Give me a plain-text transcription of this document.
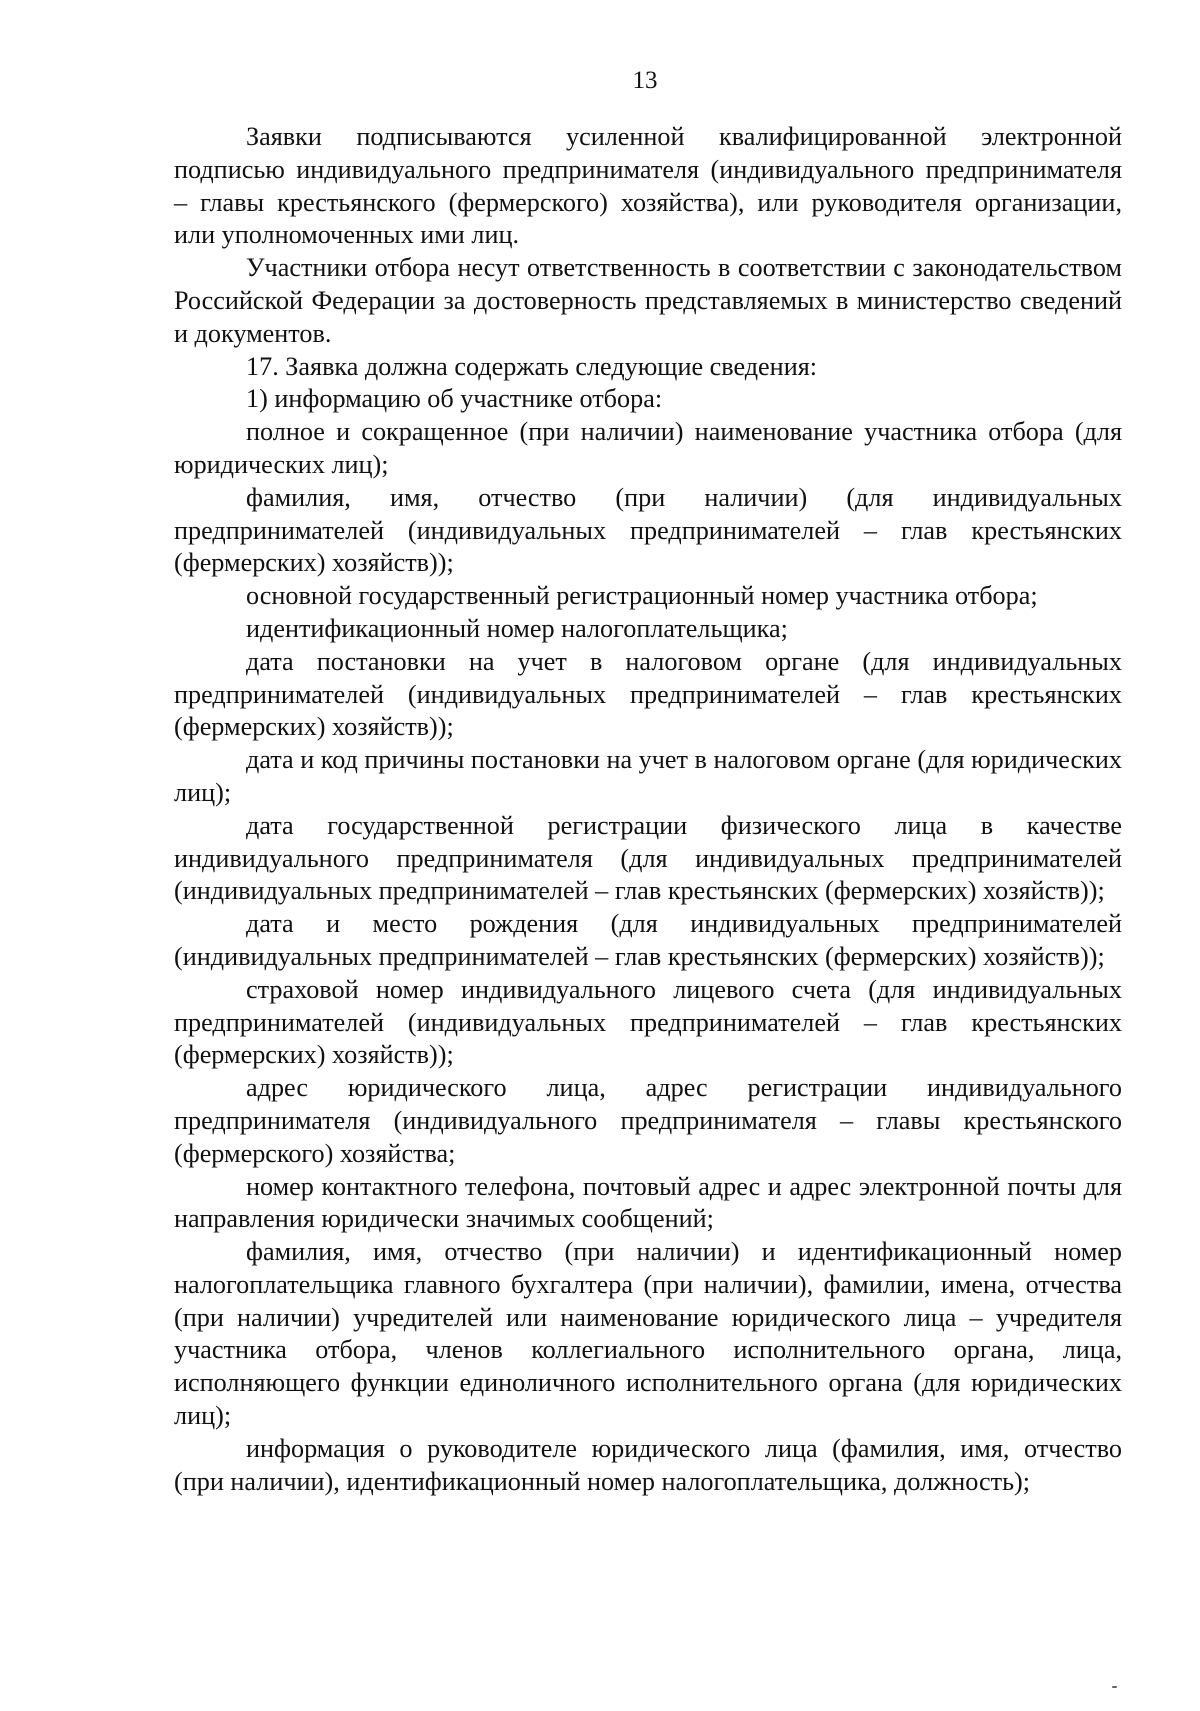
13

Заявки подписываются усиленной квалифицированной электронной подписью индивидуального предпринимателя (индивидуального предпринимателя – главы крестьянского (фермерского) хозяйства), или руководителя организации, или уполномоченных ими лиц.

Участники отбора несут ответственность в соответствии с законодательством Российской Федерации за достоверность представляемых в министерство сведений и документов.

17. Заявка должна содержать следующие сведения:

1) информацию об участнике отбора:

полное и сокращенное (при наличии) наименование участника отбора (для юридических лиц);

фамилия, имя, отчество (при наличии) (для индивидуальных предпринимателей (индивидуальных предпринимателей – глав крестьянских (фермерских) хозяйств));

основной государственный регистрационный номер участника отбора;

идентификационный номер налогоплательщика;

дата постановки на учет в налоговом органе (для индивидуальных предпринимателей (индивидуальных предпринимателей – глав крестьянских (фермерских) хозяйств));

дата и код причины постановки на учет в налоговом органе (для юридических лиц);

дата государственной регистрации физического лица в качестве индивидуального предпринимателя (для индивидуальных предпринимателей (индивидуальных предпринимателей – глав крестьянских (фермерских) хозяйств));

дата и место рождения (для индивидуальных предпринимателей (индивидуальных предпринимателей – глав крестьянских (фермерских) хозяйств));

страховой номер индивидуального лицевого счета (для индивидуальных предпринимателей (индивидуальных предпринимателей – глав крестьянских (фермерских) хозяйств));

адрес юридического лица, адрес регистрации индивидуального предпринимателя (индивидуального предпринимателя – главы крестьянского (фермерского) хозяйства;

номер контактного телефона, почтовый адрес и адрес электронной почты для направления юридически значимых сообщений;

фамилия, имя, отчество (при наличии) и идентификационный номер налогоплательщика главного бухгалтера (при наличии), фамилии, имена, отчества (при наличии) учредителей или наименование юридического лица – учредителя участника отбора, членов коллегиального исполнительного органа, лица, исполняющего функции единоличного исполнительного органа (для юридических лиц);

информация о руководителе юридического лица (фамилия, имя, отчество (при наличии), идентификационный номер налогоплательщика, должность);
